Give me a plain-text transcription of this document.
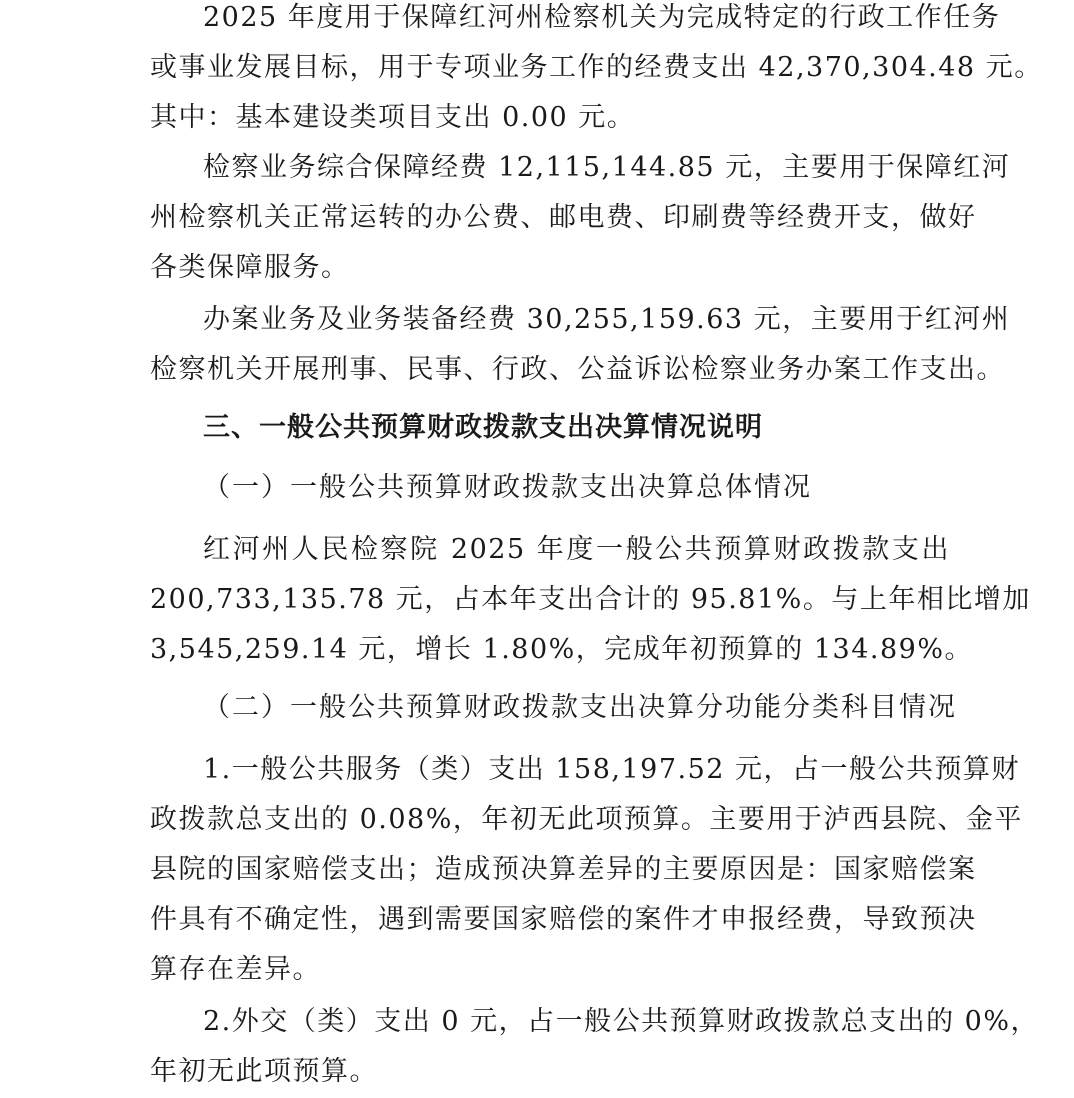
2025 年度用于保障红河州检察机关为完成特定的行政工作任务
或事业发展目标，用于专项业务工作的经费支出 42,370,304.48 元。
其中：基本建设类项目支出 0.00 元。
检察业务综合保障经费 12,115,144.85 元，主要用于保障红河
州检察机关正常运转的办公费、邮电费、印刷费等经费开支，做好
各类保障服务。
办案业务及业务装备经费 30,255,159.63 元，主要用于红河州
检察机关开展刑事、民事、行政、公益诉讼检察业务办案工作支出。
三、一般公共预算财政拨款支出决算情况说明
（一）一般公共预算财政拨款支出决算总体情况
红河州人民检察院 2025 年度一般公共预算财政拨款支出
200,733,135.78 元，占本年支出合计的 95.81%。与上年相比增加
3,545,259.14 元，增长 1.80%，完成年初预算的 134.89%。
（二）一般公共预算财政拨款支出决算分功能分类科目情况
1.一般公共服务（类）支出 158,197.52 元，占一般公共预算财
政拨款总支出的 0.08%，年初无此项预算。主要用于泸西县院、金平
县院的国家赔偿支出；造成预决算差异的主要原因是：国家赔偿案
件具有不确定性，遇到需要国家赔偿的案件才申报经费，导致预决
算存在差异。
2.外交（类）支出 0 元，占一般公共预算财政拨款总支出的 0%，
年初无此项预算。
